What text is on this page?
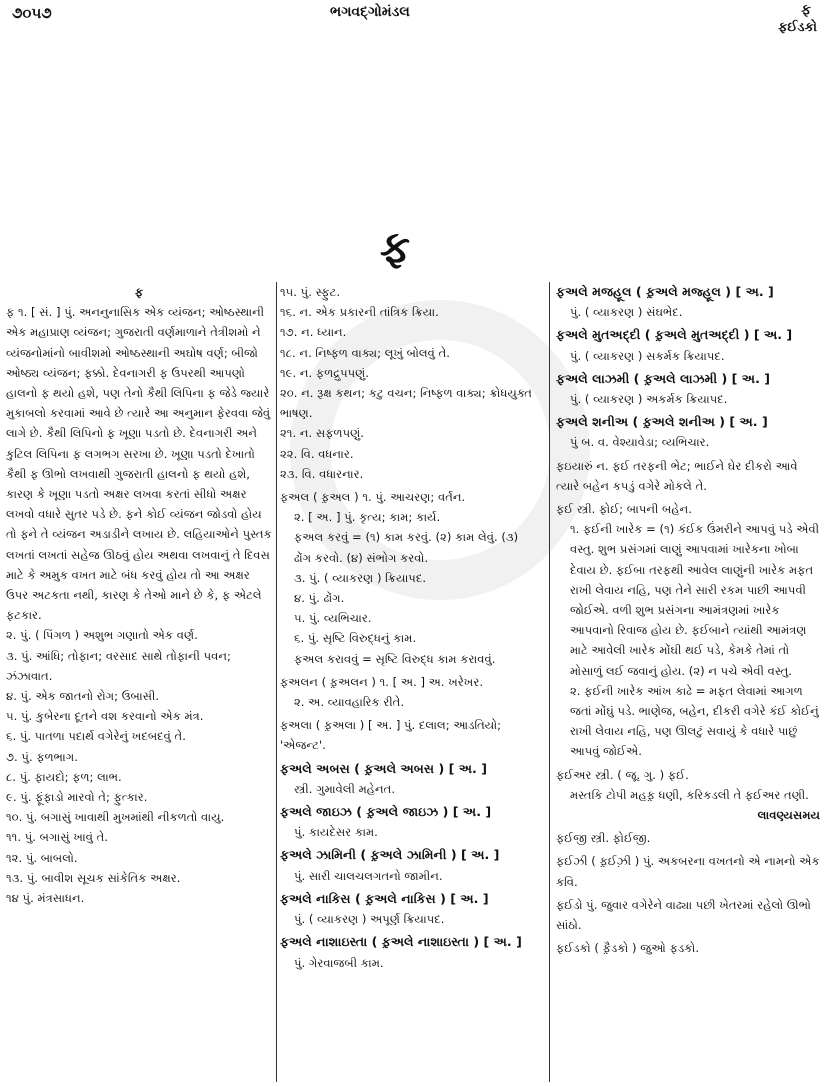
૭૦૫૭	ભગવદ્ગોમંડલ	ફ
ફઈડકો
ફ
ફ

ફ ૧. [ સં. ] પું. અનનુનાસિક એક વ્યંજન; ઓષ્ઠસ્થાની એક મહાપ્રાણ વ્યંજન; ગુજરાતી વર્ણમાળાને તેત્રીશમો ને વ્યંજનોમાંનો બાવીશમો ઓષ્ઠસ્થાની અઘોષ વર્ણ; બીજો ઓષ્ઠ્ય વ્યંજન; ફક્કો. દેવનાગરી ફ ઉપરથી આપણો હાલનો ફ થયો હશે, પણ તેનો કૈથી લિપિના ફ જેડે જ્યારે મુકાબલો કરવામાં આવે છે ત્યારે આ અનુમાન ફેરવવા જેવું લાગે છે. કૈથી લિપિનો ફ ખૂણા પડતો છે. દેવનાગરી અને કુટિલ લિપિના ફ લગભગ સરખા છે. ખૂણા પડતો દેખાતો કૈથી ફ ઊભો લખવાથી ગુજરાતી હાલનો ફ થયો હશે, કારણ કે ખૂણા પડતો અક્ષર લખવા કરતાં સીધો અક્ષર લખવો વધારે સુતર પડે છે. ફને કોઈ વ્યંજન જોડવો હોય તો ફને તે વ્યંજન અડાડીને લખાય છે. લહિયાઓને પુસ્તક લખતાં લખતાં સહેજ ઊઠવું હોય અથવા લખવાનું તે દિવસ માટે કે અમુક વખત માટે બંધ કરવું હોય તો આ અક્ષર ઉપર અટકતા નથી, કારણ કે તેઓ માને છે કે, ફ એટલે ફટકાર.

૨. પું. ( પિંગળ ) અશુભ ગણાતો એક વર્ણ.

૩. પું. આંધિ; તોફાન; વરસાદ સાથે તોફાની પવન; ઝંઝાવાત.

૪. પું. એક જાતનો રોગ; ઉબાસી.

૫. પું. કુબેરના દૂતને વશ કરવાનો એક મંત્ર.

૬. પું. પાતળા પદાર્થ વગેરેનું ખદબદવું તે.

૭. પું. ફળભાગ.

૮. પું. ફાયદો; ફળ; લાભ.

૯. પું. ફૂંફાડો મારવો તે; ફુત્કાર.

૧૦. પું. બગાસું ખાવાથી મુખમાંથી નીકળતો વાયુ.

૧૧. પું. બગાસું ખાવું તે.

૧૨. પું. બાબલો.

૧૩. પું. બાવીશ સૂચક સાંકેતિક અક્ષર.

૧૪ પું. મંત્રસાધન.

૧૫. પું. સ્ફુટ.

૧૬. ન. એક પ્રકારની તાંત્રિક ક્રિયા.

૧૭. ન. ધ્યાન.

૧૮. ન. નિષ્ફળ વાક્ય; લૂખું બોલવું તે.

૧૯. ન. ફળદ્રુપપણું.

૨૦. ન. રૂક્ષ કથન; કટુ વચન; નિષ્ફળ વાક્ય; ક્રોધયુક્ત ભાષણ.

૨૧. ન. સફળપણું.

૨૨. વિ. વધનાર.

૨૩. વિ. વધારનાર.

ફઅલ ( ફ઼અલ ) ૧. પું. આચરણ; વર્તન.

૨. [ અ. ] પું. કૃત્ય; કામ; કાર્ય.

ફઅલ કરવું = (૧) કામ કરવું. (૨) કામ લેવું. (૩) ઢોંગ કરવો. (૪) સંભોગ કરવો.

૩. પું. ( વ્યાકરણ ) ક્રિયાપદ.

૪. પું. ઢોંગ.

૫. પું. વ્યભિચાર.

૬. પું. સૃષ્ટિ વિરુદ્ધનું કામ.

ફઅલ કરાવવું = સૃષ્ટિ વિરુદ્ધ કામ કરાવવું.

ફઅલન ( ફ઼અલન ) ૧. [ અ. ] અ. ખરેખર.

૨. અ. વ્યાવહારિક રીતે.

ફઅલા ( ફ઼અલા ) [ અ. ] પું. દલાલ; આડતિયો; 'એજન્ટ'.

ફઅલે અબસ ( ફ઼અલે અબસ ) [ અ. ]

સ્ત્રી. ગુમાવેલી મહેનત.

ફઅલે જાઇઝ ( ફ઼અલે જાઇઝ ) [ અ. ]

પું. કાયદેસર કામ.

ફઅલે ઝામિની ( ફ઼અલે ઝામિની ) [ અ. ]

પું. સારી ચાલચલગતનો જામીન.

ફઅલે નાકિસ ( ફ઼અલે નાકિસ ) [ અ. ]

પું. ( વ્યાકરણ ) અપૂર્ણ ક્રિયાપદ.

ફઅલે નાશાઇસ્તા ( ફ઼અલે નાશાઇસ્તા ) [ અ. ]

પું. ગેરવાજબી કામ.

ફઅલે મજહૂલ ( ફ઼અલે મજ્હૂલ ) [ અ. ]

પું. ( વ્યાકરણ ) સંઘભેદ.

ફઅલે મુતઅદ્દી ( ફ઼અલે મુતઅદ્દી ) [ અ. ]

પું. ( વ્યાકરણ ) સકર્મક ક્રિયાપદ.

ફઅલે લાઝમી ( ફ઼અલે લાઝમી ) [ અ. ]

પું. ( વ્યાકરણ ) અકર્મક ક્રિયાપદ.

ફઅલે શનીઅ ( ફ઼અલે શનીઅ ) [ અ. ]

પું બ. વ. વેશ્યાવેડા; વ્યભિચાર.

ફઇયારું ન. ફઈ તરફની ભેટ; ભાઈને ઘેર દીકરો આવે ત્યારે બહેન કપડું વગેરે મોકલે તે.

ફઈ સ્ત્રી. ફોઈ; બાપની બહેન.

૧. ફઈની ખારેક = (૧) કંઈક ઉંમરીને આપવું પડે એવી વસ્તુ. શુભ પ્રસંગમાં લાણું આપવામાં ખારેકના ખોબા દેવાય છે. ફઈબા તરફથી આવેલ લાણુંની ખારેક મફત રાખી લેવાય નહિ, પણ તેને સારી રકમ પાછી આપવી જોઈએ. વળી શુભ પ્રસંગના આમંત્રણમાં ખારેક આપવાનો રિવાજ હોય છે. ફઈબાને ત્યાંથી આમંત્રણ માટે આવેલી ખારેક મોંઘી થઈ પડે, કેમકે તેમાં તો મોસાળું લઈ જવાનું હોય. (૨) ન પચે એવી વસ્તુ.

૨. ફઈની ખારેક આંખ કાઢે = મફત લેવામાં આગળ જતાં મોંઘું પડે. ભાણેજ, બહેન, દીકરી વગેરે કંઈ કોઈનું રાખી લેવાય નહિ, પણ ઊલટું સવાયું કે વધારે પાછું આપવું જોઈએ.

ફઈઅર સ્ત્રી. ( જૂ. ગુ. ) ફઈ.

મસ્તકિ ટોપી મહફ઼ ધણી, કરિકડલી તે ફઈઅર તણી.

લાવણ્યસમય

ફઈજી સ્ત્રી. ફોઈજી.

ફઈઝી ( ફ઼ઈઝ઼ી ) પું. અકબરના વખતનો એ નામનો એક કવિ.

ફઈડો પું. જુવાર વગેરેને વાઢ્યા પછી ખેતરમાં રહેલો ઊભો સાંઠો.

ફઈડકો ( ફ઼ૈડકો ) જુઓ ફડકો.
